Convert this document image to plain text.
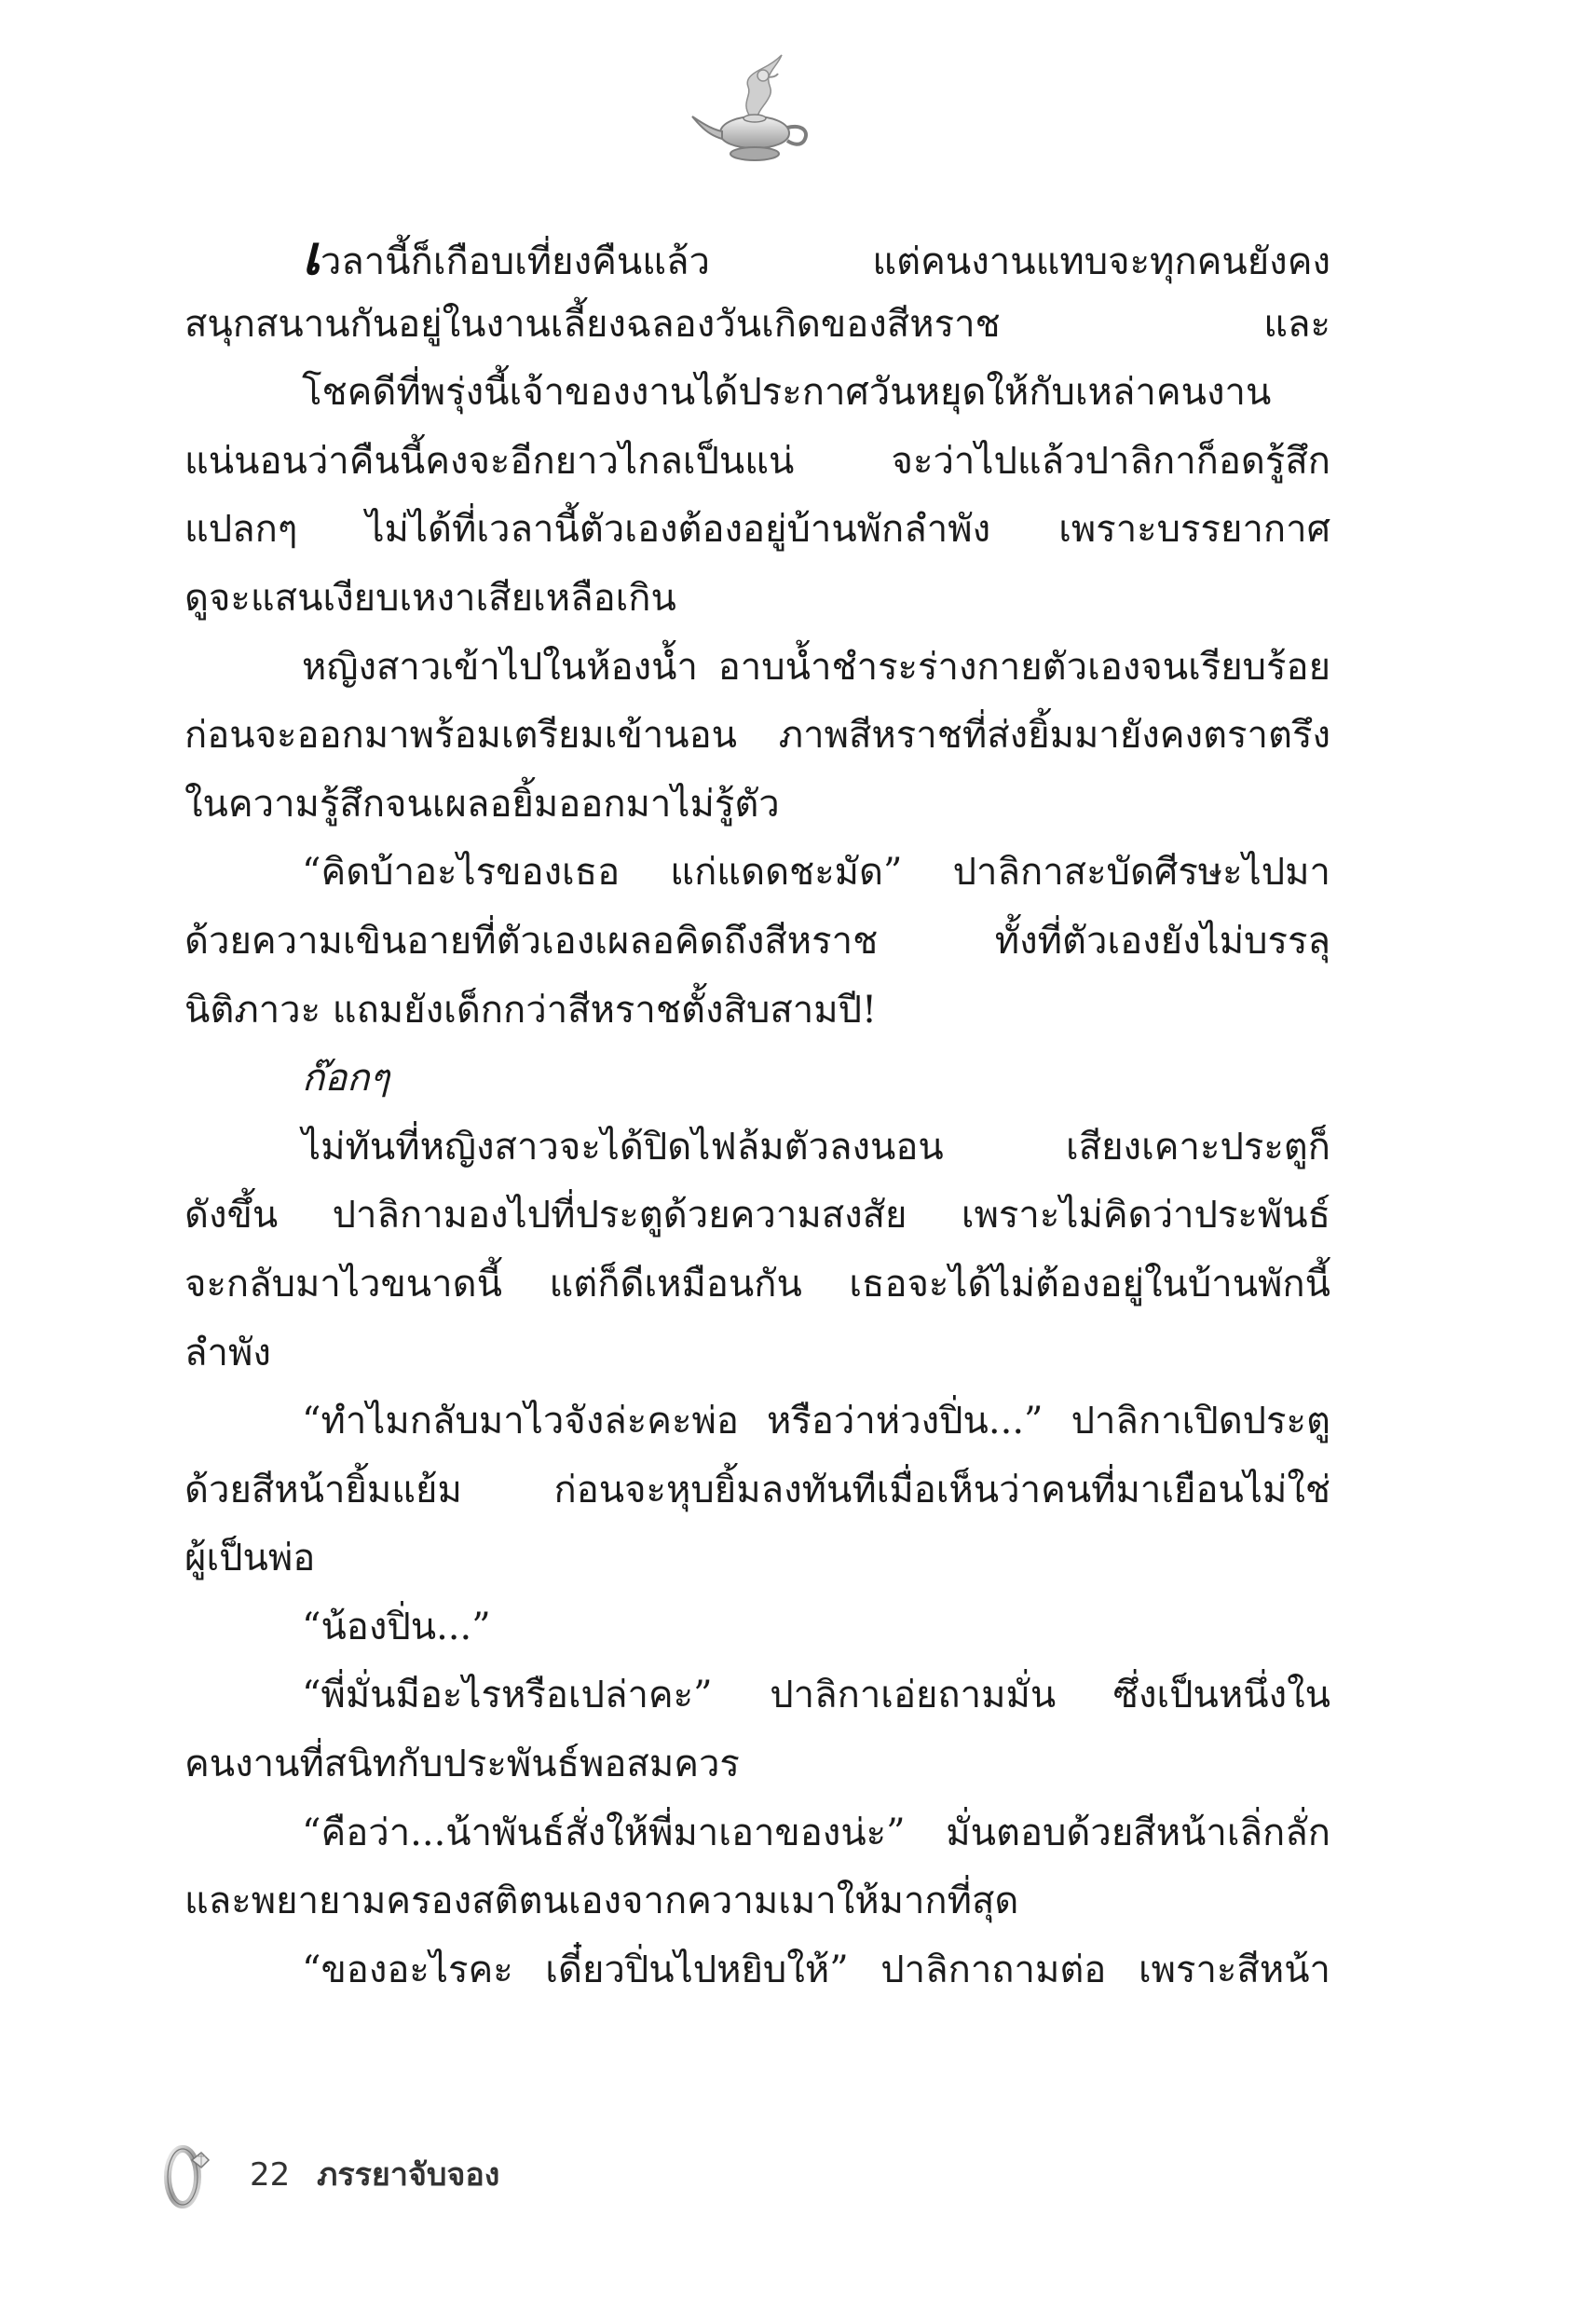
เวลานี้ก็เกือบเที่ยงคืนแล้ว แต่คนงานแทบจะทุกคนยังคง
สนุกสนานกันอยู่ในงานเลี้ยงฉลองวันเกิดของสีหราช และ
โชคดีที่พรุ่งนี้เจ้าของงานได้ประกาศวันหยุดให้กับเหล่าคนงาน
แน่นอนว่าคืนนี้คงจะอีกยาวไกลเป็นแน่ จะว่าไปแล้วปาลิกาก็อดรู้สึก
แปลกๆ ไม่ได้ที่เวลานี้ตัวเองต้องอยู่บ้านพักลำพัง เพราะบรรยากาศ
ดูจะแสนเงียบเหงาเสียเหลือเกิน
หญิงสาวเข้าไปในห้องน้ำ อาบน้ำชำระร่างกายตัวเองจนเรียบร้อย
ก่อนจะออกมาพร้อมเตรียมเข้านอน ภาพสีหราชที่ส่งยิ้มมายังคงตราตรึง
ในความรู้สึกจนเผลอยิ้มออกมาไม่รู้ตัว
“คิดบ้าอะไรของเธอ แก่แดดชะมัด” ปาลิกาสะบัดศีรษะไปมา
ด้วยความเขินอายที่ตัวเองเผลอคิดถึงสีหราช ทั้งที่ตัวเองยังไม่บรรลุ
นิติภาวะ แถมยังเด็กกว่าสีหราชตั้งสิบสามปี!
ก๊อกๆ
ไม่ทันที่หญิงสาวจะได้ปิดไฟล้มตัวลงนอน เสียงเคาะประตูก็
ดังขึ้น ปาลิกามองไปที่ประตูด้วยความสงสัย เพราะไม่คิดว่าประพันธ์
จะกลับมาไวขนาดนี้ แต่ก็ดีเหมือนกัน เธอจะได้ไม่ต้องอยู่ในบ้านพักนี้
ลำพัง
“ทำไมกลับมาไวจังล่ะคะพ่อ หรือว่าห่วงปิ่น...” ปาลิกาเปิดประตู
ด้วยสีหน้ายิ้มแย้ม ก่อนจะหุบยิ้มลงทันทีเมื่อเห็นว่าคนที่มาเยือนไม่ใช่
ผู้เป็นพ่อ
“น้องปิ่น...”
“พี่มั่นมีอะไรหรือเปล่าคะ” ปาลิกาเอ่ยถามมั่น ซึ่งเป็นหนึ่งใน
คนงานที่สนิทกับประพันธ์พอสมควร
“คือว่า...น้าพันธ์สั่งให้พี่มาเอาของน่ะ” มั่นตอบด้วยสีหน้าเลิ่กลั่ก
และพยายามครองสติตนเองจากความเมาให้มากที่สุด
“ของอะไรคะ เดี๋ยวปิ่นไปหยิบให้” ปาลิกาถามต่อ เพราะสีหน้า
22 ภรรยาจับจอง
